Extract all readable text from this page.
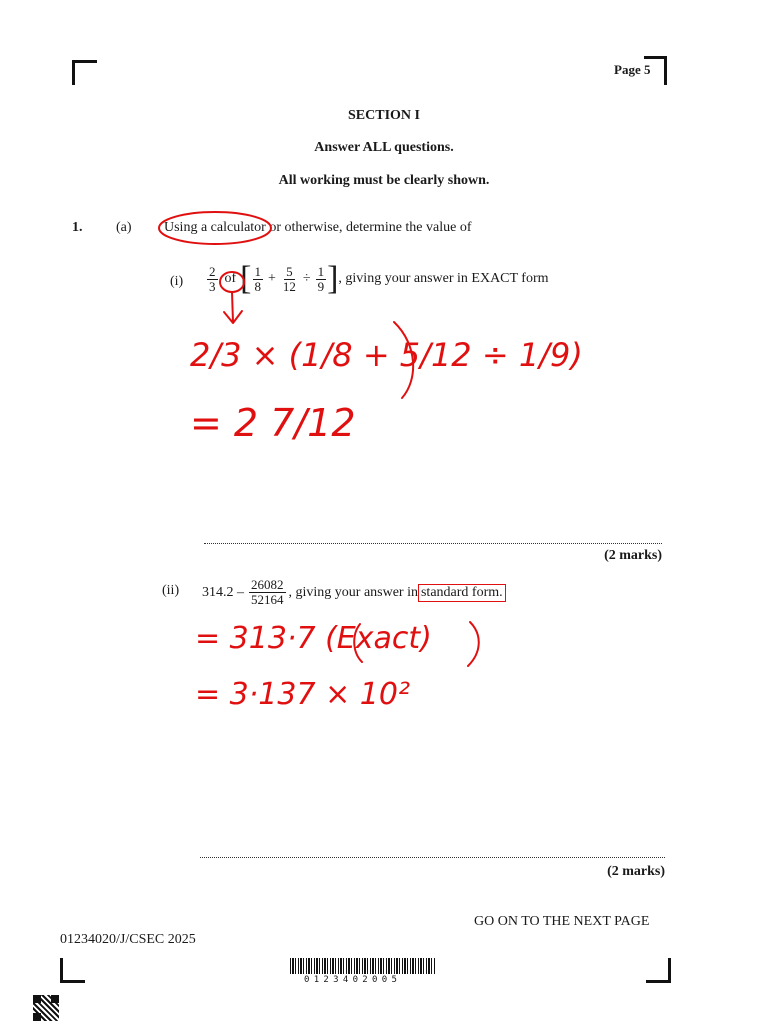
Page 5
SECTION I
Answer ALL questions.
All working must be clearly shown.
1. (a) Using a calculator or otherwise, determine the value of
$(i) \frac{2}{3}$ of [ $\frac{1}{8} + \frac{5}{12} \div \frac{1}{9}$ ] , giving your answer in EXACT form
(2 marks)
(ii) $314.2 - \frac{26082}{52164}$ , giving your answer in standard form.
(2 marks)
2/3 × (1/8 + 5/12 ÷ 1/9)
= 2 7/12
= 313·7 (Exact)
= 3·137 × 10²
GO ON TO THE NEXT PAGE
01234020/J/CSEC 2025
0123402005
